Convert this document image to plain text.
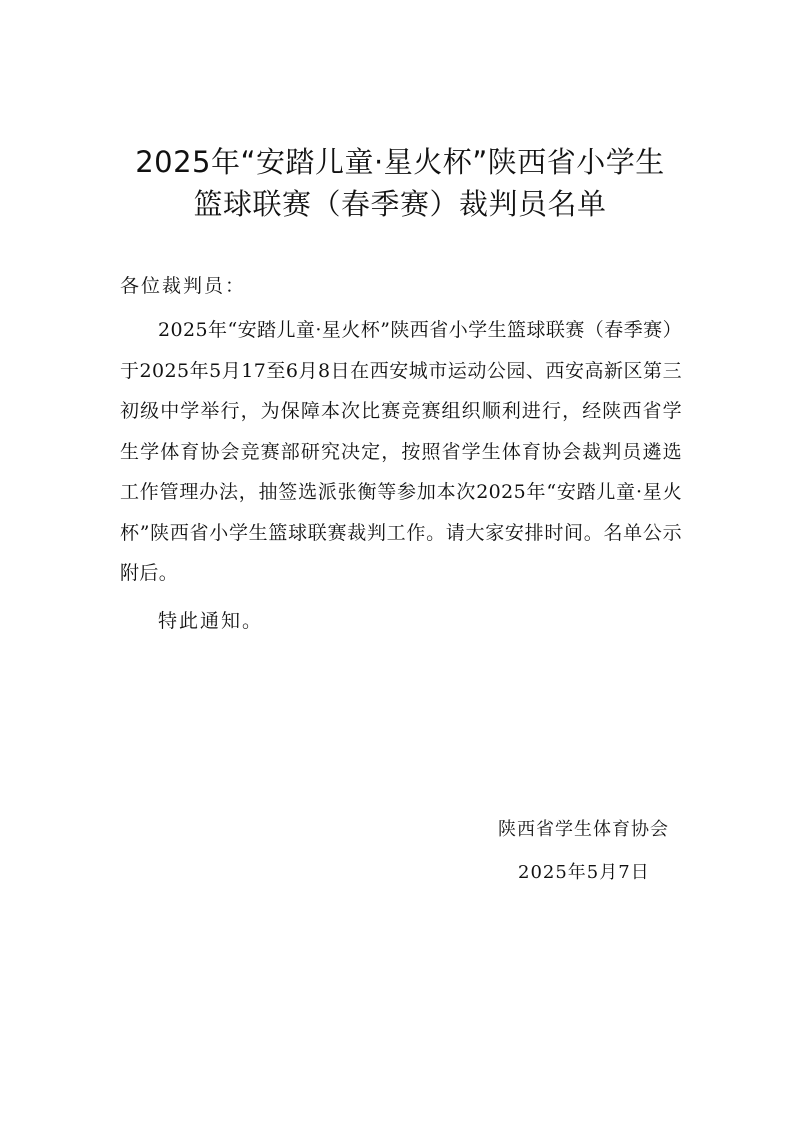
2025年“安踏儿童·星火杯”陕西省小学生
篮球联赛（春季赛）裁判员名单
各位裁判员：

2025年“安踏儿童·星火杯”陕西省小学生篮球联赛（春季赛）于2025年5月17至6月8日在西安城市运动公园、西安高新区第三初级中学举行，为保障本次比赛竞赛组织顺利进行，经陕西省学生学体育协会竞赛部研究决定，按照省学生体育协会裁判员遴选工作管理办法，抽签选派张衡等参加本次2025年“安踏儿童·星火杯”陕西省小学生篮球联赛裁判工作。请大家安排时间。名单公示附后。

特此通知。
陕西省学生体育协会
2025年5月7日
